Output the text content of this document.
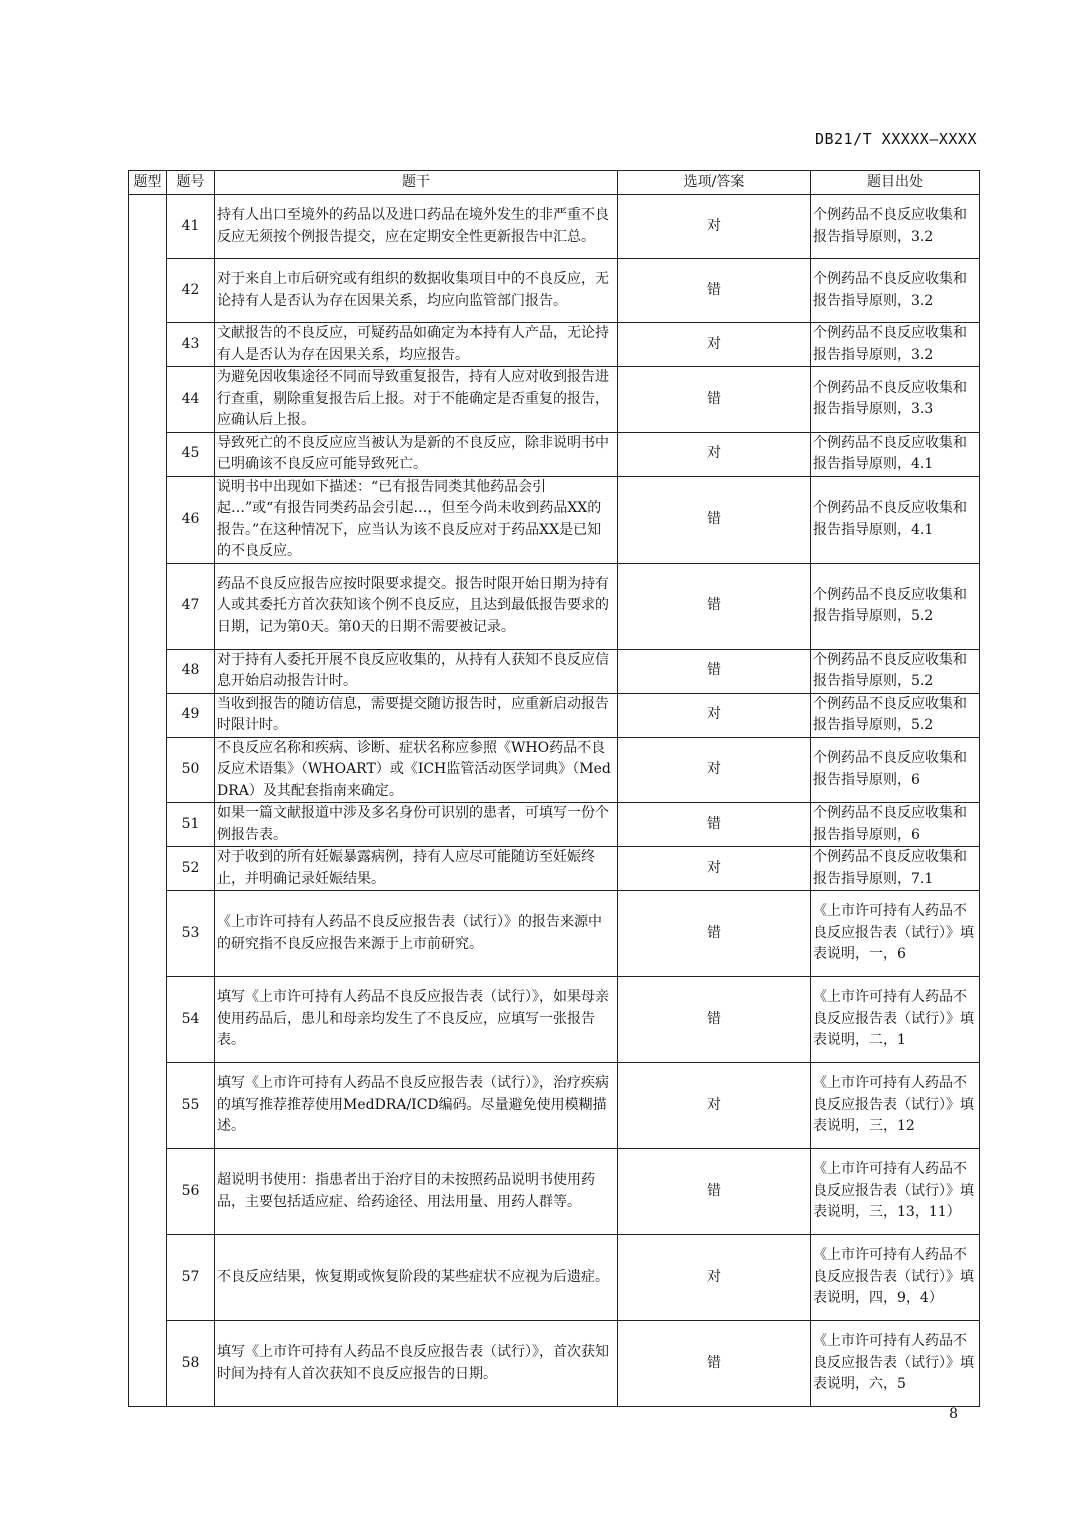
DB21/T XXXXX—XXXX
题型	题号	题干	选项/答案	题目出处
	41	持有人出口至境外的药品以及进口药品在境外发生的非严重不良反应无须按个例报告提交，应在定期安全性更新报告中汇总。	对	个例药品不良反应收集和报告指导原则，3.2
	42	对于来自上市后研究或有组织的数据收集项目中的不良反应，无论持有人是否认为存在因果关系，均应向监管部门报告。	错	个例药品不良反应收集和报告指导原则，3.2
	43	文献报告的不良反应，可疑药品如确定为本持有人产品，无论持有人是否认为存在因果关系，均应报告。	对	个例药品不良反应收集和报告指导原则，3.2
	44	为避免因收集途径不同而导致重复报告，持有人应对收到报告进行查重，剔除重复报告后上报。对于不能确定是否重复的报告，应确认后上报。	错	个例药品不良反应收集和报告指导原则，3.3
	45	导致死亡的不良反应应当被认为是新的不良反应，除非说明书中已明确该不良反应可能导致死亡。	对	个例药品不良反应收集和报告指导原则，4.1
	46	说明书中出现如下描述：“已有报告同类其他药品会引起…”或“有报告同类药品会引起…，但至今尚未收到药品XX的报告。”在这种情况下，应当认为该不良反应对于药品XX是已知的不良反应。	错	个例药品不良反应收集和报告指导原则，4.1
	47	药品不良反应报告应按时限要求提交。报告时限开始日期为持有人或其委托方首次获知该个例不良反应，且达到最低报告要求的日期，记为第0天。第0天的日期不需要被记录。	错	个例药品不良反应收集和报告指导原则，5.2
	48	对于持有人委托开展不良反应收集的，从持有人获知不良反应信息开始启动报告计时。	错	个例药品不良反应收集和报告指导原则，5.2
	49	当收到报告的随访信息，需要提交随访报告时，应重新启动报告时限计时。	对	个例药品不良反应收集和报告指导原则，5.2
	50	不良反应名称和疾病、诊断、症状名称应参照《WHO药品不良反应术语集》（WHOART）或《ICH监管活动医学词典》（MedDRA）及其配套指南来确定。	对	个例药品不良反应收集和报告指导原则，6
	51	如果一篇文献报道中涉及多名身份可识别的患者，可填写一份个例报告表。	错	个例药品不良反应收集和报告指导原则，6
	52	对于收到的所有妊娠暴露病例，持有人应尽可能随访至妊娠终止，并明确记录妊娠结果。	对	个例药品不良反应收集和报告指导原则，7.1
	53	《上市许可持有人药品不良反应报告表（试行）》的报告来源中的研究指不良反应报告来源于上市前研究。	错	《上市许可持有人药品不良反应报告表（试行）》填表说明，一，6
	54	填写《上市许可持有人药品不良反应报告表（试行）》，如果母亲使用药品后，患儿和母亲均发生了不良反应，应填写一张报告表。	错	《上市许可持有人药品不良反应报告表（试行）》填表说明，二，1
	55	填写《上市许可持有人药品不良反应报告表（试行）》，治疗疾病的填写推荐推荐使用MedDRA/ICD编码。尽量避免使用模糊描述。	对	《上市许可持有人药品不良反应报告表（试行）》填表说明，三，12
	56	超说明书使用：指患者出于治疗目的未按照药品说明书使用药品，主要包括适应症、给药途径、用法用量、用药人群等。	错	《上市许可持有人药品不良反应报告表（试行）》填表说明，三，13，11）
	57	不良反应结果，恢复期或恢复阶段的某些症状不应视为后遗症。	对	《上市许可持有人药品不良反应报告表（试行）》填表说明，四，9，4）
	58	填写《上市许可持有人药品不良反应报告表（试行）》，首次获知时间为持有人首次获知不良反应报告的日期。	错	《上市许可持有人药品不良反应报告表（试行）》填表说明，六，5
8
